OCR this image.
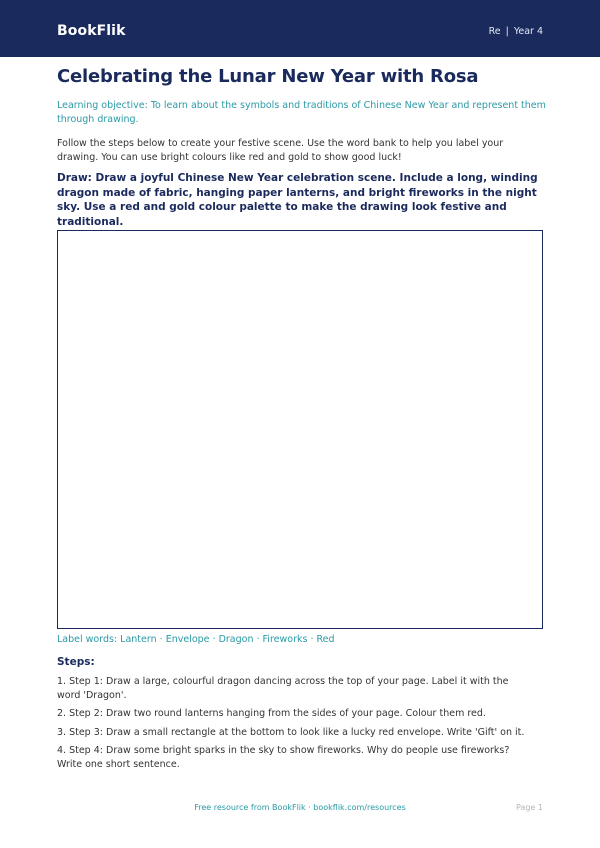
BookFlik	Re | Year 4
Celebrating the Lunar New Year with Rosa
Learning objective: To learn about the symbols and traditions of Chinese New Year and represent them through drawing.
Follow the steps below to create your festive scene. Use the word bank to help you label your drawing. You can use bright colours like red and gold to show good luck!
Draw: Draw a joyful Chinese New Year celebration scene. Include a long, winding dragon made of fabric, hanging paper lanterns, and bright fireworks in the night sky. Use a red and gold colour palette to make the drawing look festive and traditional.
Label words: Lantern · Envelope · Dragon · Fireworks · Red
Steps:
1. Step 1: Draw a large, colourful dragon dancing across the top of your page. Label it with the word 'Dragon'.
2. Step 2: Draw two round lanterns hanging from the sides of your page. Colour them red.
3. Step 3: Draw a small rectangle at the bottom to look like a lucky red envelope. Write 'Gift' on it.
4. Step 4: Draw some bright sparks in the sky to show fireworks. Why do people use fireworks? Write one short sentence.
Free resource from BookFlik · bookflik.com/resources	Page 1
